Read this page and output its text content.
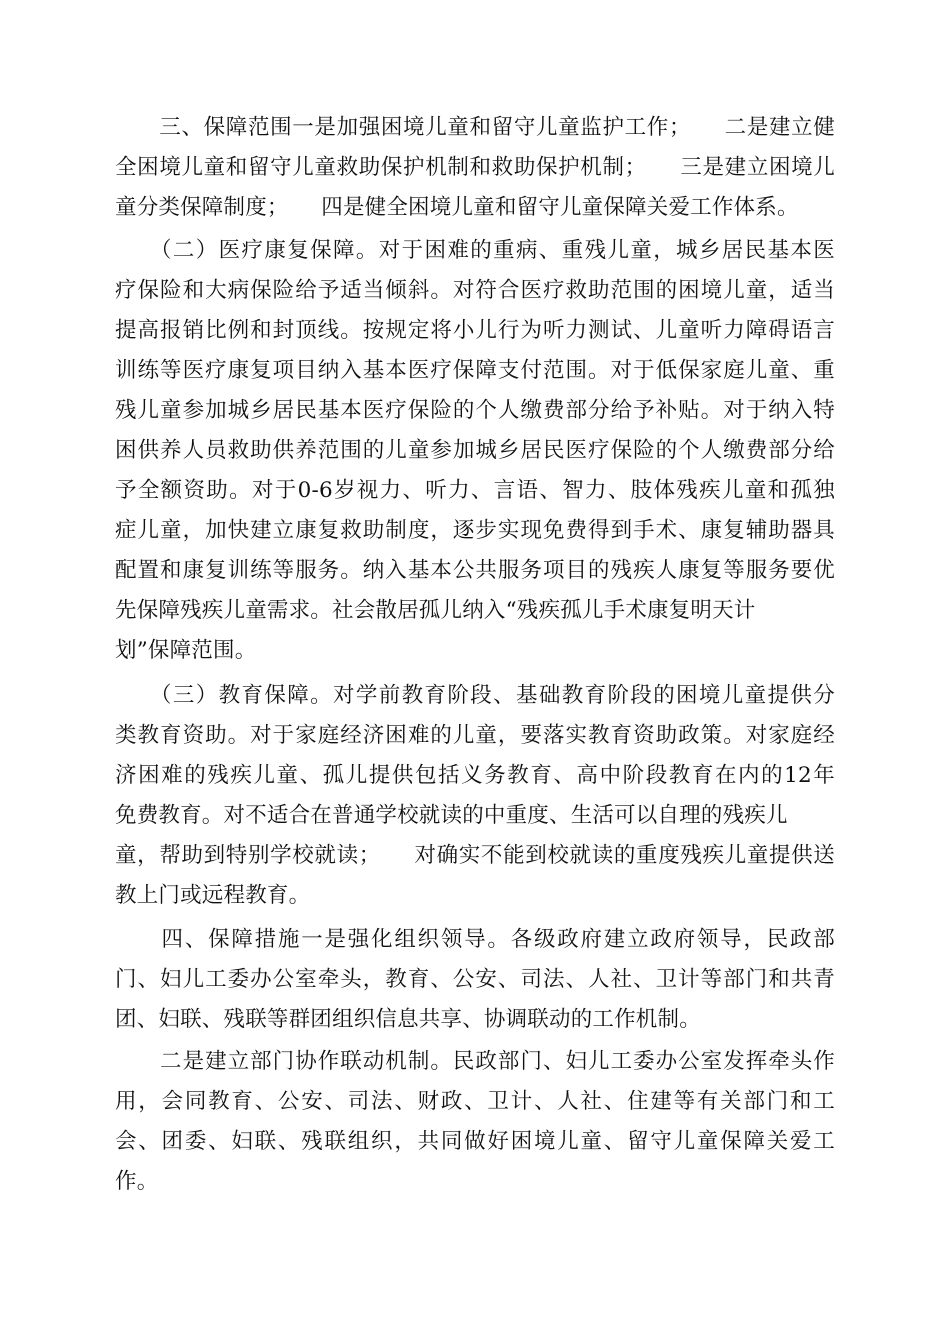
　　三、保障范围一是加强困境儿童和留守儿童监护工作；　　二是建立健
全困境儿童和留守儿童救助保护机制和救助保护机制；　　三是建立困境儿
童分类保障制度；　　四是健全困境儿童和留守儿童保障关爱工作体系。
　　（二）医疗康复保障。对于困难的重病、重残儿童，城乡居民基本医
疗保险和大病保险给予适当倾斜。对符合医疗救助范围的困境儿童，适当
提高报销比例和封顶线。按规定将小儿行为听力测试、儿童听力障碍语言
训练等医疗康复项目纳入基本医疗保障支付范围。对于低保家庭儿童、重
残儿童参加城乡居民基本医疗保险的个人缴费部分给予补贴。对于纳入特
困供养人员救助供养范围的儿童参加城乡居民医疗保险的个人缴费部分给
予全额资助。对于0-6岁视力、听力、言语、智力、肢体残疾儿童和孤独
症儿童，加快建立康复救助制度，逐步实现免费得到手术、康复辅助器具
配置和康复训练等服务。纳入基本公共服务项目的残疾人康复等服务要优
先保障残疾儿童需求。社会散居孤儿纳入“残疾孤儿手术康复明天计
划”保障范围。
　　（三）教育保障。对学前教育阶段、基础教育阶段的困境儿童提供分
类教育资助。对于家庭经济困难的儿童，要落实教育资助政策。对家庭经
济困难的残疾儿童、孤儿提供包括义务教育、高中阶段教育在内的12年
免费教育。对不适合在普通学校就读的中重度、生活可以自理的残疾儿
童，帮助到特别学校就读；　　对确实不能到校就读的重度残疾儿童提供送
教上门或远程教育。
　　四、保障措施一是强化组织领导。各级政府建立政府领导，民政部
门、妇儿工委办公室牵头，教育、公安、司法、人社、卫计等部门和共青
团、妇联、残联等群团组织信息共享、协调联动的工作机制。
　　二是建立部门协作联动机制。民政部门、妇儿工委办公室发挥牵头作
用，会同教育、公安、司法、财政、卫计、人社、住建等有关部门和工
会、团委、妇联、残联组织，共同做好困境儿童、留守儿童保障关爱工
作。
